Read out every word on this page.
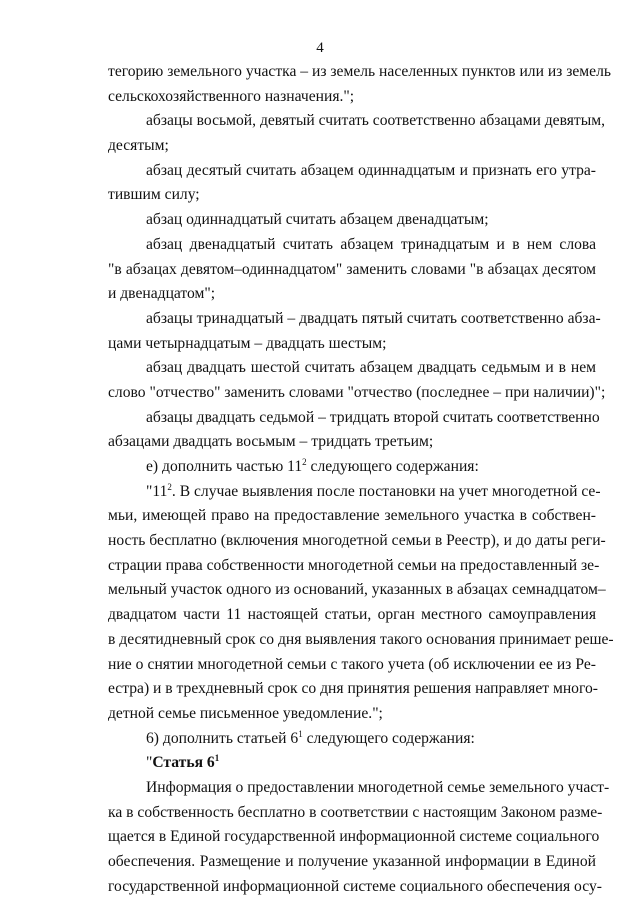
4
тегорию земельного участка – из земель населенных пунктов или из земель
сельскохозяйственного назначения.";
абзацы восьмой, девятый считать соответственно абзацами девятым,
десятым;
абзац десятый считать абзацем одиннадцатым и признать его утра-
тившим силу;
абзац одиннадцатый считать абзацем двенадцатым;
абзац двенадцатый считать абзацем тринадцатым и в нем слова
"в абзацах девятом–одиннадцатом" заменить словами "в абзацах десятом
и двенадцатом";
абзацы тринадцатый – двадцать пятый считать соответственно абза-
цами четырнадцатым – двадцать шестым;
абзац двадцать шестой считать абзацем двадцать седьмым и в нем
слово "отчество" заменить словами "отчество (последнее – при наличии)";
абзацы двадцать седьмой – тридцать второй считать соответственно
абзацами двадцать восьмым – тридцать третьим;
е) дополнить частью $11^2$ следующего содержания:
"$11^2$. В случае выявления после постановки на учет многодетной се-
мьи, имеющей право на предоставление земельного участка в собствен-
ность бесплатно (включения многодетной семьи в Реестр), и до даты реги-
страции права собственности многодетной семьи на предоставленный зе-
мельный участок одного из оснований, указанных в абзацах семнадцатом–
двадцатом части 11 настоящей статьи, орган местного самоуправления
в десятидневный срок со дня выявления такого основания принимает реше-
ние о снятии многодетной семьи с такого учета (об исключении ее из Ре-
естра) и в трехдневный срок со дня принятия решения направляет много-
детной семье письменное уведомление.";
6) дополнить статьей $6^1$ следующего содержания:
"Статья $6^1$
Информация о предоставлении многодетной семье земельного участ-
ка в собственность бесплатно в соответствии с настоящим Законом разме-
щается в Единой государственной информационной системе социального
обеспечения. Размещение и получение указанной информации в Единой
государственной информационной системе социального обеспечения осу-
